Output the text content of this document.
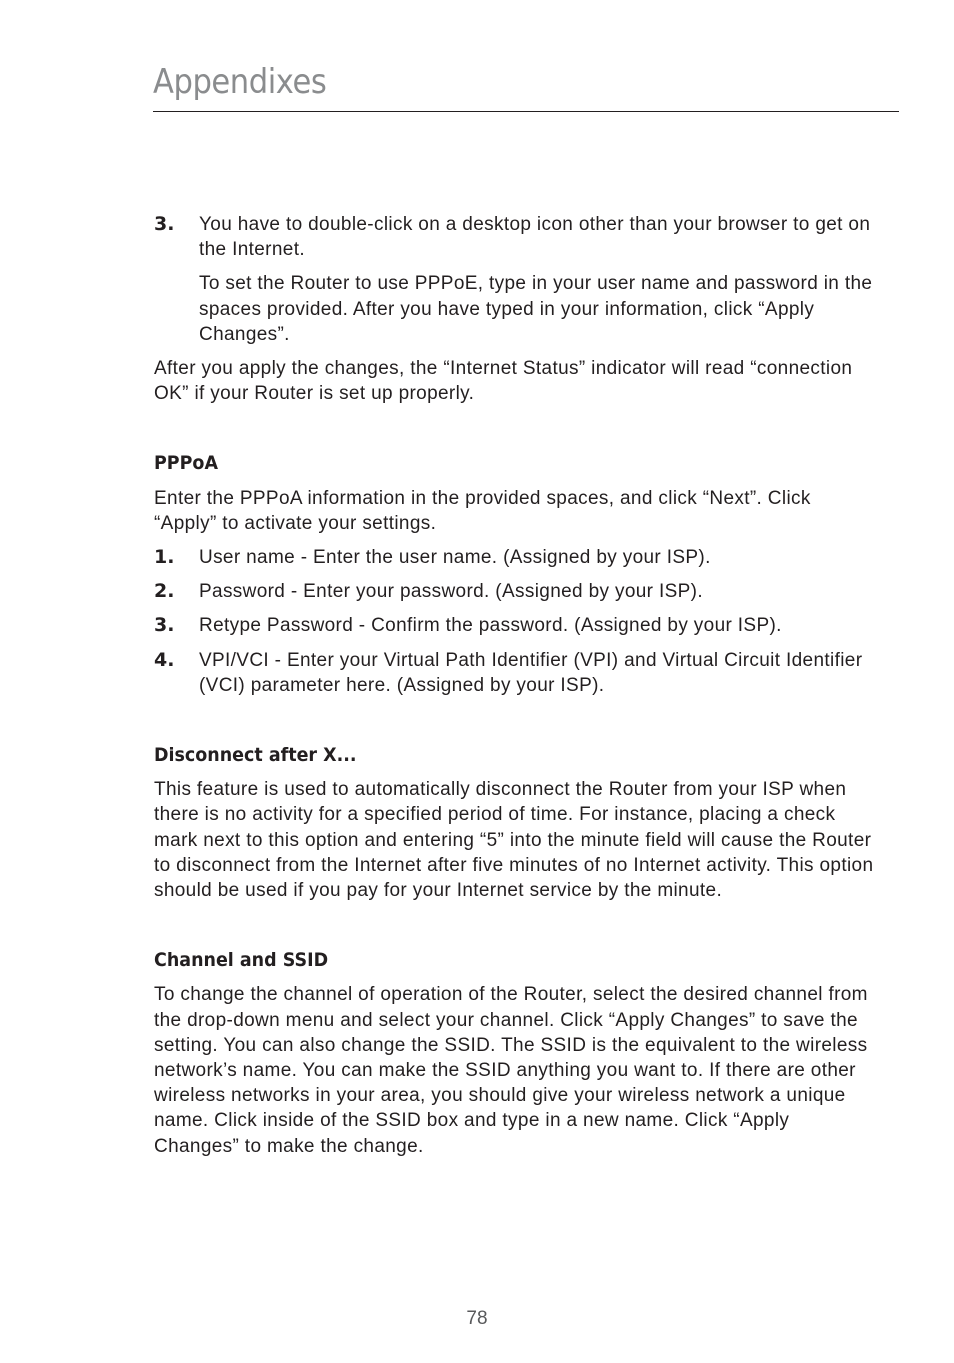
Appendixes
3. You have to double-click on a desktop icon other than your browser to get on the Internet.

To set the Router to use PPPoE, type in your user name and password in the spaces provided. After you have typed in your information, click “Apply Changes”.

After you apply the changes, the “Internet Status” indicator will read “connection OK” if your Router is set up properly.

PPPoA

Enter the PPPoA information in the provided spaces, and click “Next”. Click “Apply” to activate your settings.

1. User name - Enter the user name. (Assigned by your ISP).

2. Password - Enter your password. (Assigned by your ISP).

3. Retype Password - Confirm the password. (Assigned by your ISP).

4. VPI/VCI - Enter your Virtual Path Identifier (VPI) and Virtual Circuit Identifier (VCI) parameter here. (Assigned by your ISP).

Disconnect after X...

This feature is used to automatically disconnect the Router from your ISP when there is no activity for a specified period of time. For instance, placing a check mark next to this option and entering “5” into the minute field will cause the Router to disconnect from the Internet after five minutes of no Internet activity. This option should be used if you pay for your Internet service by the minute.

Channel and SSID

To change the channel of operation of the Router, select the desired channel from the drop-down menu and select your channel. Click “Apply Changes” to save the setting. You can also change the SSID. The SSID is the equivalent to the wireless network’s name. You can make the SSID anything you want to. If there are other wireless networks in your area, you should give your wireless network a unique name. Click inside of the SSID box and type in a new name. Click “Apply Changes” to make the change.

78
